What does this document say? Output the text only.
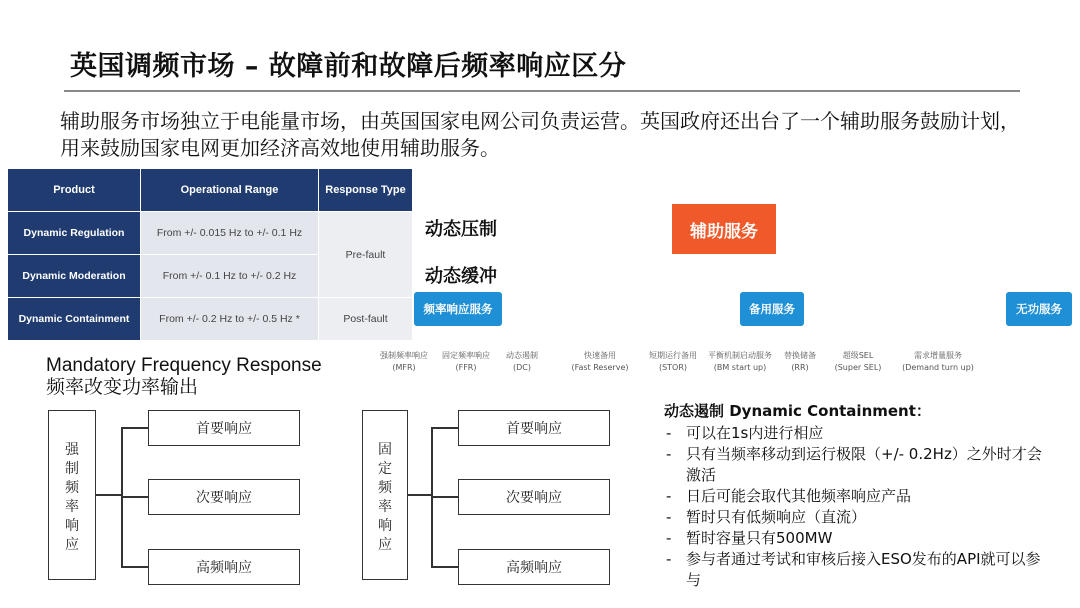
英国调频市场 – 故障前和故障后频率响应区分
辅助服务市场独立于电能量市场，由英国国家电网公司负责运营。英国政府还出台了一个辅助服务鼓励计划，用来鼓励国家电网更加经济高效地使用辅助服务。
Product	Operational Range	Response Type
Dynamic Regulation	From +/- 0.015 Hz to +/- 0.1 Hz	Pre-fault
Dynamic Moderation	From +/- 0.1 Hz to +/- 0.2 Hz	
Dynamic Containment	From +/- 0.2 Hz to +/- 0.5 Hz *	Post-fault
动态压制
动态缓冲
辅助服务
频率响应服务	备用服务	无功服务
强制频率响应
(MFR)
固定频率响应
(FFR)
动态遏制
(DC)
快速备用
(Fast Reserve)
短期运行备用
(STOR)
平衡机制启动服务
(BM start up)
替换储备
(RR)
超级SEL
(Super SEL)
需求增量服务
(Demand turn up)
Mandatory Frequency Response
频率改变功率输出
强
制
频
率
响
应
首要响应
次要响应
高频响应
固
定
频
率
响
应
首要响应
次要响应
高频响应
动态遏制 Dynamic Containment：
- 可以在1s内进行相应
- 只有当频率移动到运行极限（+/- 0.2Hz）之外时才会激活
- 日后可能会取代其他频率响应产品
- 暂时只有低频响应（直流）
- 暂时容量只有500MW
- 参与者通过考试和审核后接入ESO发布的API就可以参与
